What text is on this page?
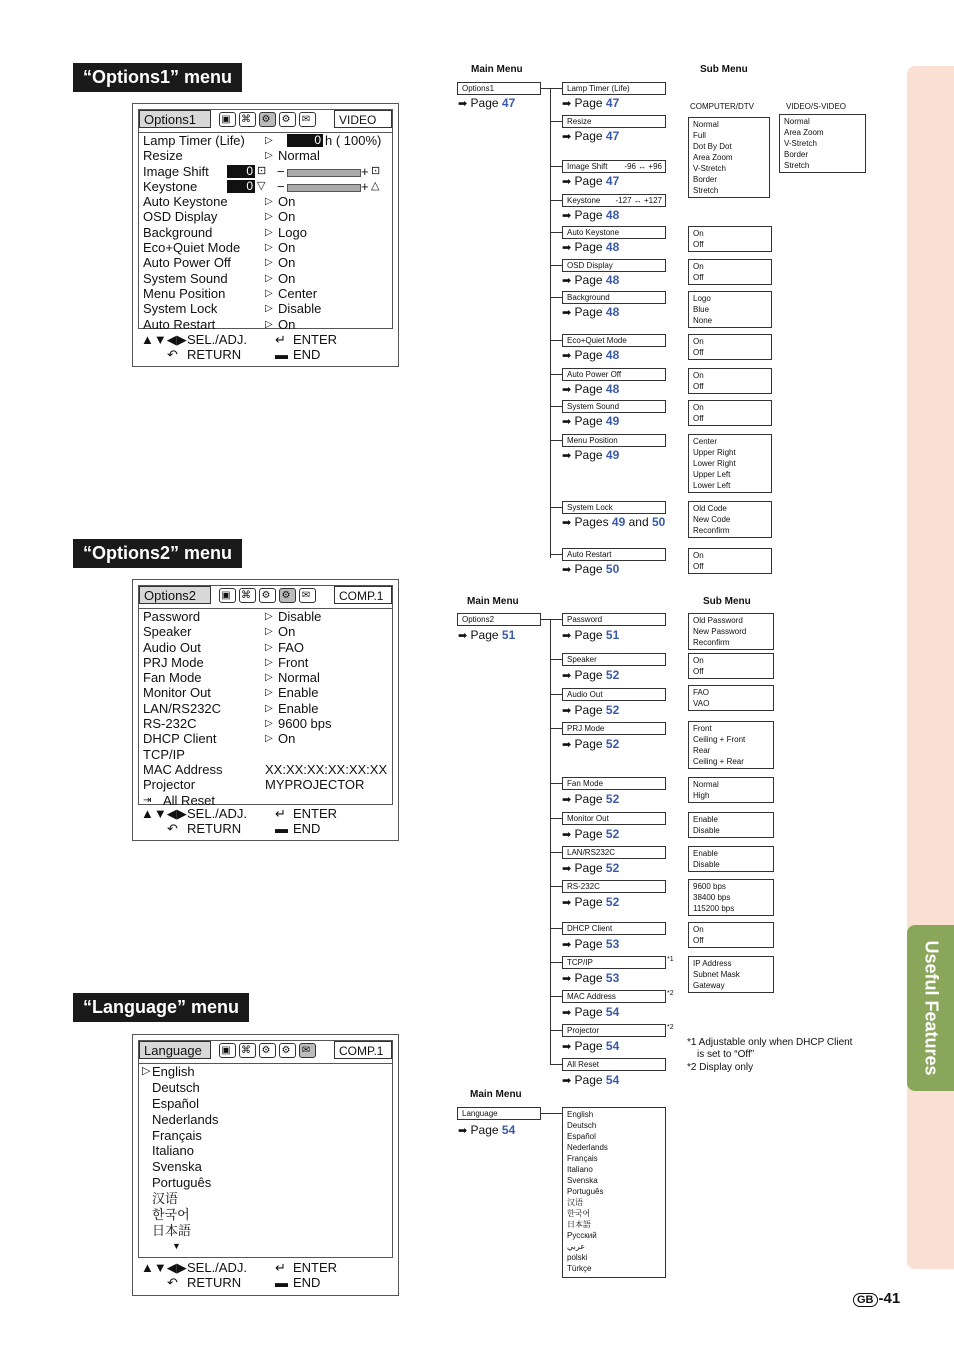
Useful Features
“Options1” menu
“Options2” menu
“Language” menu
Options1	▣ ⌘ ⚙ ⚙ ✉	VIDEO
Lamp Timer (Life) ▷	0 h ( 100%)
Resize	▷ Normal
Image Shift	0 ⊡ −	+ ⊡
Keystone	0 ▽ −	+ △
Auto Keystone	▷ On
OSD Display	▷ On
Background	▷ Logo
Eco+Quiet Mode ▷ On
Auto Power Off	▷ On
System Sound	▷ On
Menu Position	▷ Center
System Lock	▷ Disable
Auto Restart	▷ On
▲▼◀▶ SEL./ADJ. ↵ ENTER
↶ RETURN	▬ END
Options2	▣ ⌘ ⚙ ⚙ ✉	COMP.1
Password	▷ Disable
Speaker	▷ On
Audio Out	▷ FAO
PRJ Mode	▷ Front
Fan Mode	▷ Normal
Monitor Out	▷ Enable
LAN/RS232C	▷ Enable
RS-232C	▷ 9600 bps
DHCP Client	▷ On
TCP/IP
MAC Address	XX:XX:XX:XX:XX:XX
Projector	MYPROJECTOR
⇥ All Reset
▲▼◀▶ SEL./ADJ. ↵ ENTER
↶ RETURN	▬ END
Language	▣ ⌘ ⚙ ⚙ ✉	COMP.1
▷ English
Deutsch
Español
Nederlands
Français
Italiano
Svenska
Português
汉语
한국어
日本語
▼
▲▼◀▶ SEL./ADJ. ↵ ENTER
↶ RETURN	▬ END
Main Menu	Sub Menu
Options1
➡ Page 47
Lamp Timer (Life)
➡ Page 47
Resize
➡ Page 47
Normal
Full
Dot By Dot
Area Zoom
V-Stretch
Border
Stretch
Normal
Area Zoom
V-Stretch
Border
Stretch
Image Shift -96 ↔ +96
➡ Page 47
Keystone -127 ↔ +127
➡ Page 48
Auto Keystone
➡ Page 48
On
Off
OSD Display
➡ Page 48
On
Off
Background
➡ Page 48
Logo
Blue
None
Eco+Quiet Mode
➡ Page 48
On
Off
Auto Power Off
➡ Page 48
On
Off
System Sound
➡ Page 49
On
Off
Menu Position
➡ Page 49
Center
Upper Right
Lower Right
Upper Left
Lower Left
System Lock
➡ Pages 49 and 50
Old Code
New Code
Reconfirm
Auto Restart
➡ Page 50
On
Off
COMPUTER/DTV	VIDEO/S-VIDEO
Main Menu	Sub Menu
Options2
➡ Page 51
Password
➡ Page 51
Old Password
New Password
Reconfirm
Speaker
➡ Page 52
On
Off
Audio Out
➡ Page 52
FAO
VAO
PRJ Mode
➡ Page 52
Front
Ceiling + Front
Rear
Ceiling + Rear
Fan Mode
➡ Page 52
Normal
High
Monitor Out
➡ Page 52
Enable
Disable
LAN/RS232C
➡ Page 52
Enable
Disable
RS-232C
➡ Page 52
9600 bps
38400 bps
115200 bps
DHCP Client
➡ Page 53
On
Off
TCP/IP
➡ Page 53
*1 IP Address
Subnet Mask
Gateway
MAC Address
➡ Page 54
*2
Projector
➡ Page 54
*2
All Reset
➡ Page 54
Main Menu
Language
➡ Page 54
English
Deutsch
Español
Nederlands
Français
Italiano
Svenska
Português
汉语
한국어
日本語
Русский
عربي
polski
Türkçe
*1 Adjustable only when DHCP Client
is set to “Off”
*2 Display only
GB -41
